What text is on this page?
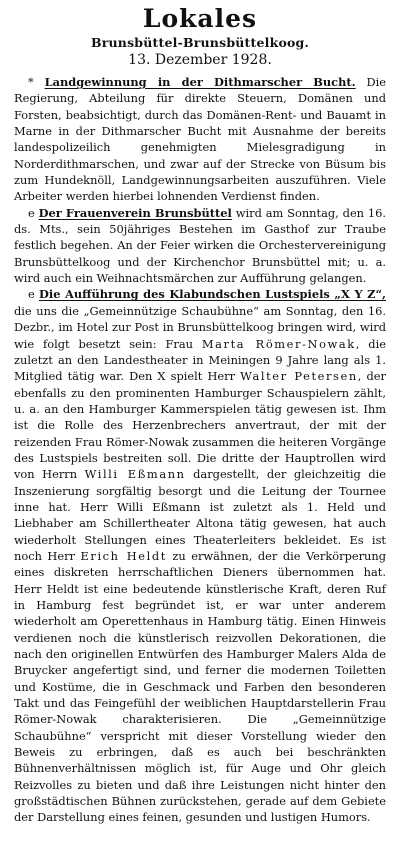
Lokales
Brunsbüttel-Brunsbüttelkoog.
13. Dezember 1928.

* Landgewinnung in der Dithmarscher Bucht. Die Regierung, Abteilung für direkte Steuern, Domänen und Forsten, beabsichtigt, durch das Domänen-Rent- und Bauamt in Marne in der Dithmarscher Bucht mit Ausnahme der bereits landespolizeilich genehmigten Mielesgradigung in Norderdithmarschen, und zwar auf der Strecke von Büsum bis zum Hundeknöll, Landgewinnungsarbeiten auszuführen. Viele Arbeiter werden hierbei lohnenden Verdienst finden.

e Der Frauenverein Brunsbüttel wird am Sonntag, den 16. ds. Mts., sein 50jähriges Bestehen im Gasthof zur Traube festlich begehen. An der Feier wirken die Orchestervereinigung Brunsbüttelkoog und der Kirchenchor Brunsbüttel mit; u. a. wird auch ein Weihnachtsmärchen zur Aufführung gelangen.

e Die Aufführung des Klabundschen Lustspiels „X Y Z“, die uns die „Gemeinnützige Schaubühne“ am Sonntag, den 16. Dezbr., im Hotel zur Post in Brunsbüttelkoog bringen wird, wird wie folgt besetzt sein: Frau Marta Römer-Nowak, die zuletzt an den Landestheater in Meiningen 9 Jahre lang als 1. Mitglied tätig war. Den X spielt Herr Walter Petersen, der ebenfalls zu den prominenten Hamburger Schauspielern zählt, u. a. an den Hamburger Kammerspielen tätig gewesen ist. Ihm ist die Rolle des Herzenbrechers anvertraut, der mit der reizenden Frau Römer-Nowak zusammen die heiteren Vorgänge des Lustspiels bestreiten soll. Die dritte der Hauptrollen wird von Herrn Willi Eßmann dargestellt, der gleichzeitig die Inszenierung sorgfältig besorgt und die Leitung der Tournee inne hat. Herr Willi Eßmann ist zuletzt als 1. Held und Liebhaber am Schillertheater Altona tätig gewesen, hat auch wiederholt Stellungen eines Theaterleiters bekleidet. Es ist noch Herr Erich Heldt zu erwähnen, der die Verkörperung eines diskreten herrschaftlichen Dieners übernommen hat. Herr Heldt ist eine bedeutende künstlerische Kraft, deren Ruf in Hamburg fest begründet ist, er war unter anderem wiederholt am Operettenhaus in Hamburg tätig. Einen Hinweis verdienen noch die künstlerisch reizvollen Dekorationen, die nach den originellen Entwürfen des Hamburger Malers Alda de Bruycker angefertigt sind, und ferner die modernen Toiletten und Kostüme, die in Geschmack und Farben den besonderen Takt und das Feingefühl der weiblichen Hauptdarstellerin Frau Römer-Nowak charakterisieren. Die „Gemeinnützige Schaubühne“ verspricht mit dieser Vorstellung wieder den Beweis zu erbringen, daß es auch bei beschränkten Bühnenverhältnissen möglich ist, für Auge und Ohr gleich Reizvolles zu bieten und daß ihre Leistungen nicht hinter den großstädtischen Bühnen zurückstehen, gerade auf dem Gebiete der Darstellung eines feinen, gesunden und lustigen Humors.
